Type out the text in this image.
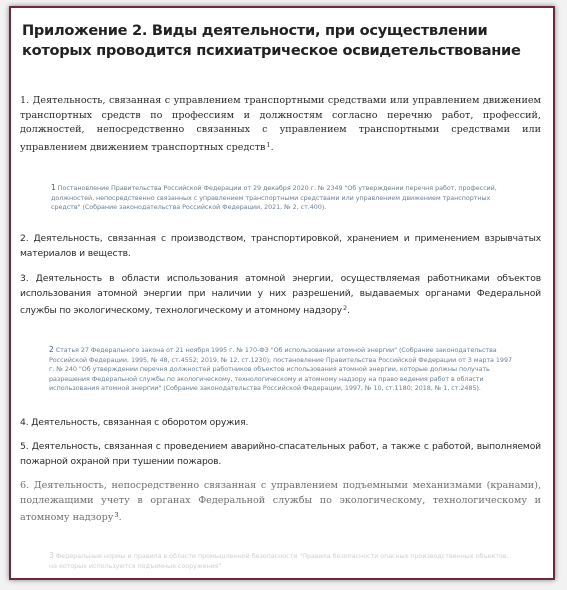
Приложение 2. Виды деятельности, при осуществлении которых проводится психиатрическое освидетельствование

1. Деятельность, связанная с управлением транспортными средствами или управлением движением транспортных средств по профессиям и должностям согласно перечню работ, профессий, должностей, непосредственно связанных с управлением транспортными средствами или управлением движением транспортных средств$^1$.

1 Постановление Правительства Российской Федерации от 29 декабря 2020 г. № 2349 "Об утверждении перечня работ, профессий, должностей, непосредственно связанных с управлением транспортными средствами или управлением движением транспортных средств" (Собрание законодательства Российской Федерации, 2021, № 2, ст.400).

2. Деятельность, связанная с производством, транспортировкой, хранением и применением взрывчатых материалов и веществ.

3. Деятельность в области использования атомной энергии, осуществляемая работниками объектов использования атомной энергии при наличии у них разрешений, выдаваемых органами Федеральной службы по экологическому, технологическому и атомному надзору$^2$.

2 Статья 27 Федерального закона от 21 ноября 1995 г. № 170-ФЗ "Об использовании атомной энергии" (Собрание законодательства Российской Федерации, 1995, № 48, ст.4552; 2019, № 12, ст.1230); постановление Правительства Российской Федерации от 3 марта 1997 г. № 240 "Об утверждении перечня должностей работников объектов использования атомной энергии, которые должны получать разрешения Федеральной службы по экологическому, технологическому и атомному надзору на право ведения работ в области использования атомной энергии" (Собрание законодательства Российской Федерации, 1997, № 10, ст.1180; 2018, № 1, ст.2485).

4. Деятельность, связанная с оборотом оружия.

5. Деятельность, связанная с проведением аварийно-спасательных работ, а также с работой, выполняемой пожарной охраной при тушении пожаров.

6. Деятельность, непосредственно связанная с управлением подъемными механизмами (кранами), подлежащими учету в органах Федеральной службы по экологическому, технологическому и атомному надзору$^3$.

3 Федеральные нормы и правила в области промышленной безопасности "Правила безопасности опасных производственных объектов, на которых используются подъемные сооружения"
